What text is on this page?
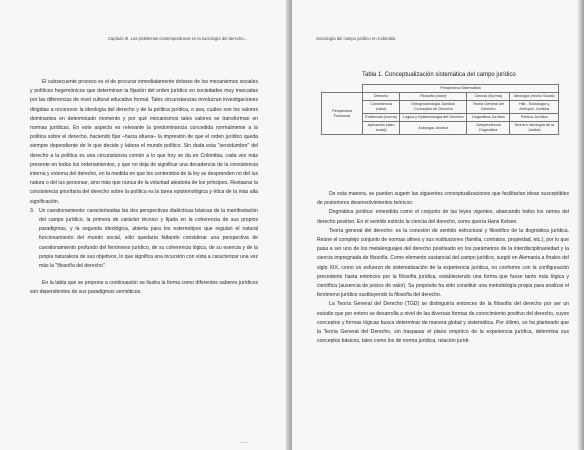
Capítulo III. Los problemas contemporáneos en la sociología del derecho...

El subsecuente proceso es el de procurar inmediatamente dotarse de los mecanismos sociales y políticos hegemónicos que determinan la fijación del orden jurídico en sociedades muy marcadas por las diferencias de nivel cultural educativo formal. Tales circunstancias involucran investigaciones dirigidas a reconocer la ideología del derecho y de la política jurídica, o sea, cuáles son los valores dominantes en determinado momento y por qué mecanismos tales valores se transforman en normas jurídicas. En este aspecto es relevante la predominancia concedida normalmente a la política sobre el derecho, haciendo fijar –hacia afuera– la impresión de que el orden jurídico queda siempre dependiente de lo que decide y labora el mundo político. Sin duda esta "servidumbre" del derecho a la política es una circunstancia común a lo que hoy se da en Colombia, cada vez más presente en todos los ordenamientos, y que no deja de significar una decadencia de la consistencia interna y externa del derecho, en la medida en que los contenidos de la ley se desprenden no del ius natura o del ius personae, sino más que nunca de la voluntad aleatoria de los príncipes. Restaurar la consistencia prioritaria del derecho sobre la política es la tarea epistemológica y ética de la más alta significación.

3. Un cuestionamiento: caracterizadas las dos perspectivas dialécticas básicas de la manifestación del campo jurídico, la primera de carácter técnico y fijada en la coherencia de sus propios paradigmas, y la segunda ideológica, abierta para los estereotipos que regulan el natural funcionamiento del mundo social, sólo quedaría faltando considerar una perspectiva de cuestionamiento profundo del fenómeno jurídico, de su coherencia lógica, de su esencia y de la propia naturaleza de sus objetivos, lo que significa una incursión con vista a caracterizar una vez más la "filosofía del derecho".

En la tabla que se propone a continuación se ilustra la forma como diferentes saberes jurídicos son dependientes de sus paradigmas semióticos.

——
Sociología del campo jurídico en Colombia
Tabla 1. Conceptualización sistemática del campo jurídico
	Perspectiva Sistemática			
Perspectiva Funcional	Derecho	Filosofía (valor)	Ciencia (Norma)	Ideología (hecho Social)
	Consistencia (valor)	Ontognoseología Jurídica: Conceptos de Derecho	Teoría General del Derecho	Hist., Sociología y Antropol. Jurídica
	Existencia (norma)	Lógica y Epistemología del Derecho	Dogmática Jurídica	Política Jurídica
	Aplicación (dato social)	Axiología Jurídica	Jurisprudencia Dogmática	Teoría e Ideología de la Justicia

De esta manera, se pueden sugerir las siguientes conceptualizaciones que facilitarían ideas susceptibles de posteriores desenvolvimientos teóricos:

Dogmática jurídica: entendida como el conjunto de las leyes vigentes, abarcando todos los ramos del derecho positivo. En el sentido estricto la ciencia del derecho, como quería Hans Kelsen.

Teoría general del derecho: es la conexión de sentido estructural y filosófico de la dogmática jurídica. Reúne el complejo conjunto de normas afines y sus instituciones (familia, contratos, propiedad, etc.), por lo que pasa a ser uno de los metalenguajes del derecho positivado en los parámetros de la interdisciplinariedad y la ciencia impregnada de filosofía. Como elemento sustancial del campo jurídico, surgió en Alemania a finales del siglo XIX, como un esfuerzo de sistematización de la experiencia jurídica, no conforme con la configuración precedente hasta entonces por la filosofía jurídica, estableciendo una forma que fuese tanto más lógica y científica (ausencia de juicios de valor). Su propósito ha sido constituir una metodología propia para analizar el fenómeno jurídico sustituyendo la filosofía del derecho.

La Teoría General del Derecho (TGD) se distinguiría entonces de la filosofía del derecho por ser un estudio que por entero se desarrolla a nivel de las diversas formas de conocimiento positivo del derecho, cuyos conceptos y formas lógicas busca determinar de manera global y sistemática. Por último, se ha planteado que la Teoría General del Derecho, sin traspasar el plano empírico de la experiencia jurídica, determina sus conceptos básicos, tales como los de norma jurídica, relación jurídi-
